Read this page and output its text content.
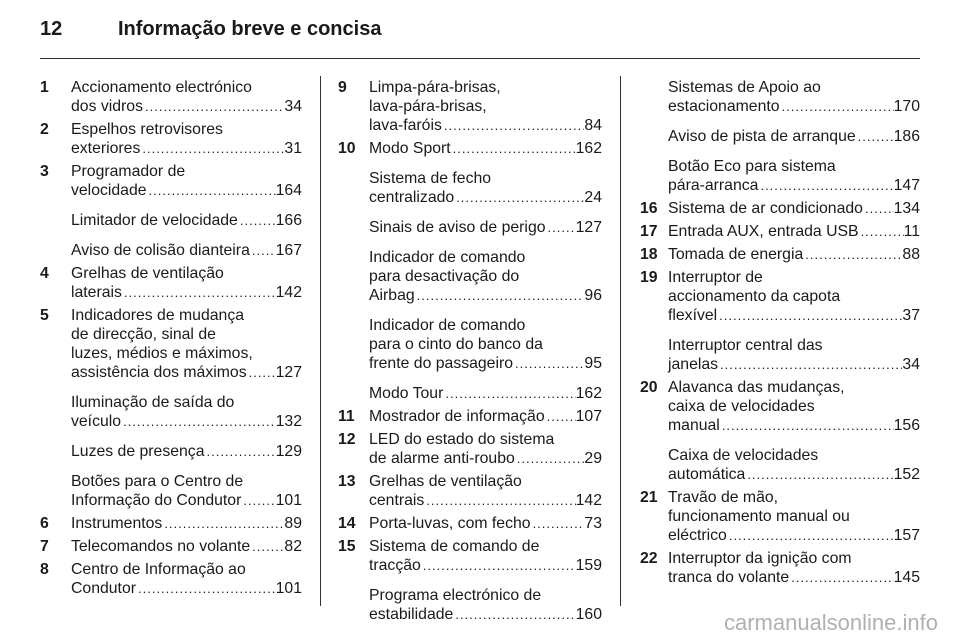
12	Informação breve e concisa
1	Accionamento electrónico
dos vidros .....	34
2	Espelhos retrovisores
exteriores .....	31
3	Programador de
velocidade .....	164
Limitador de velocidade ..... 166
Aviso de colisão dianteira ..... 167
4	Grelhas de ventilação
laterais .....	142
5	Indicadores de mudança
de direcção, sinal de
luzes, médios e máximos,
assistência dos máximos ..... 127
Iluminação de saída do
veículo .....	132
Luzes de presença .....	129
Botões para o Centro de
Informação do Condutor ..... 101
6	Instrumentos .....	89
7	Telecomandos no volante ..... 82
8	Centro de Informação ao
Condutor .....	101
9	Limpa-pára-brisas,
lava-pára-brisas,
lava-faróis .....	84
10 Modo Sport .....	162
Sistema de fecho
centralizado .....	24
Sinais de aviso de perigo ..... 127
Indicador de comando
para desactivação do
Airbag .....	96
Indicador de comando
para o cinto do banco da
frente do passageiro .....	95
Modo Tour .....	162
11 Mostrador de informação ..... 107
12 LED do estado do sistema
de alarme anti-roubo .....	29
13 Grelhas de ventilação
centrais .....	142
14 Porta-luvas, com fecho .....	73
15 Sistema de comando de
tracção .....	159
Programa electrónico de
estabilidade .....	160
Sistemas de Apoio ao
estacionamento .....	170
Aviso de pista de arranque ..... 186
Botão Eco para sistema
pára-arranca .....	147
16 Sistema de ar condicionado ..... 134
17 Entrada AUX, entrada USB .....	11
18 Tomada de energia .....	88
19 Interruptor de
accionamento da capota
flexível .....	37
Interruptor central das
janelas .....	34
20 Alavanca das mudanças,
caixa de velocidades
manual .....	156
Caixa de velocidades
automática .....	152
21 Travão de mão,
funcionamento manual ou
eléctrico .....	157
22 Interruptor da ignição com
tranca do volante .....	145
carmanualsonline.info
